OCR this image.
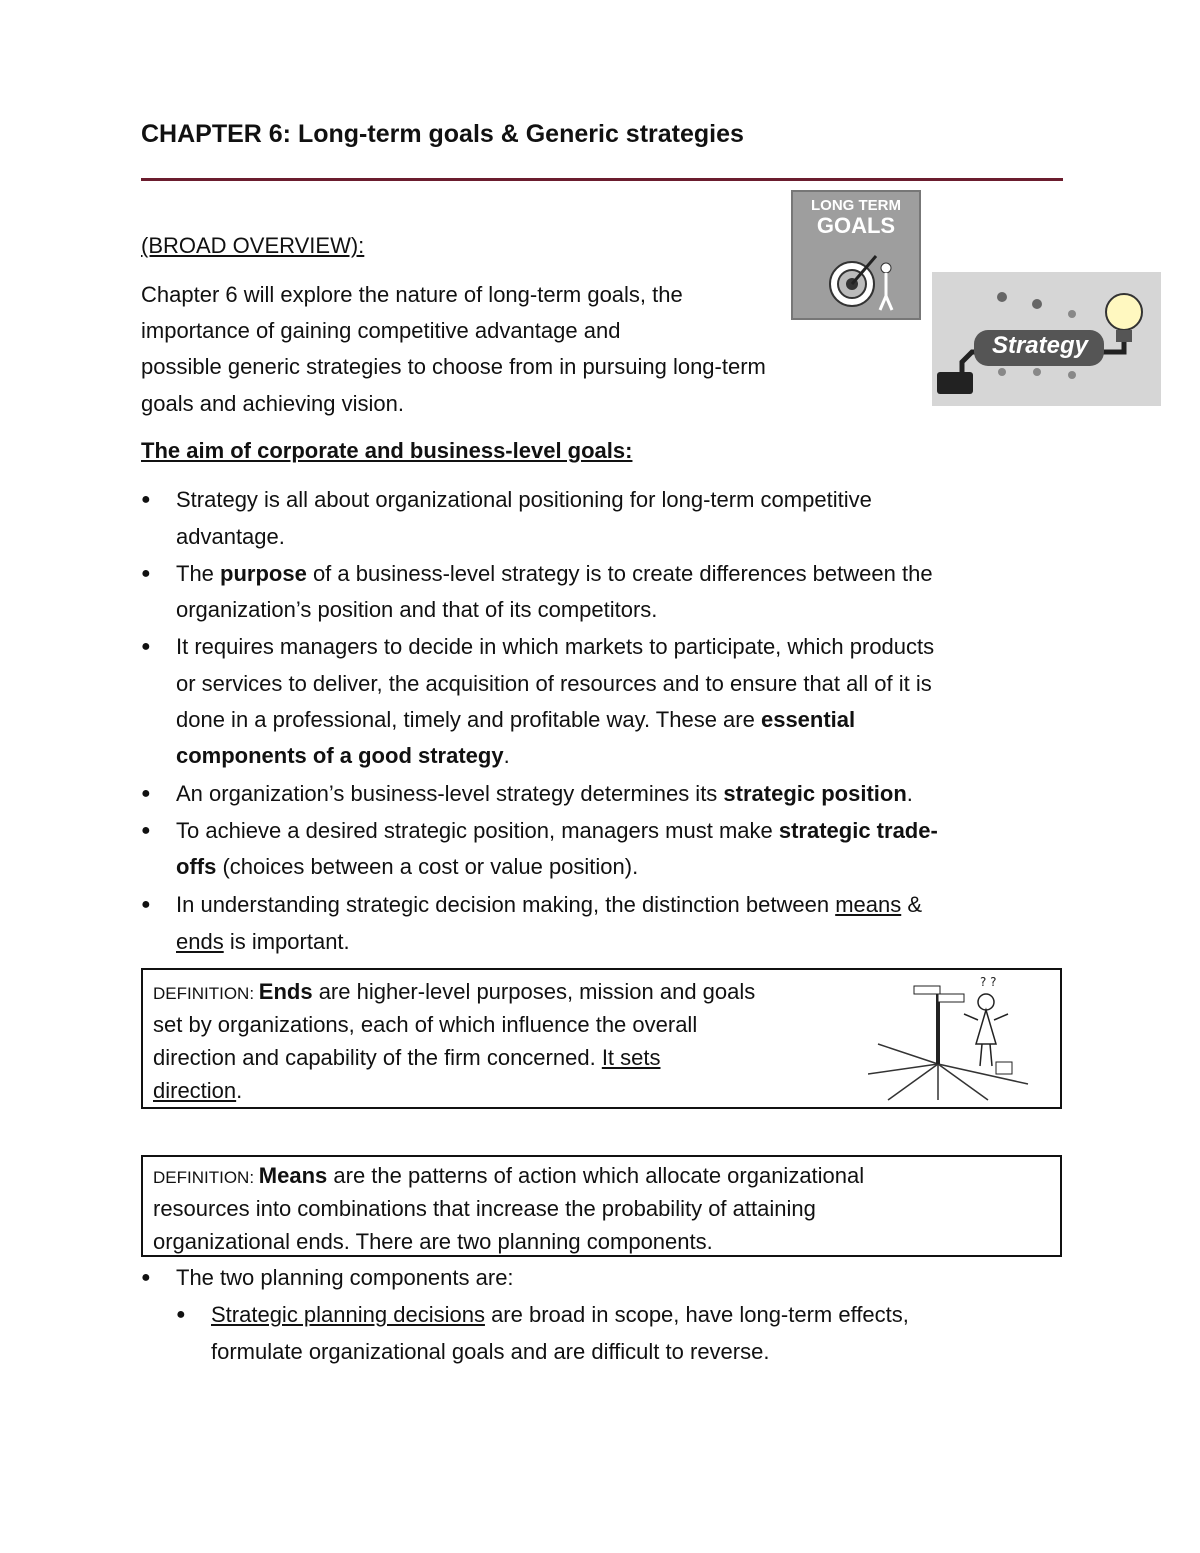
CHAPTER 6: Long-term goals & Generic strategies
(BROAD OVERVIEW):
Chapter 6 will explore the nature of long-term goals, the
importance of gaining competitive advantage and
possible generic strategies to choose from in pursuing long-term
goals and achieving vision.
LONG TERM
GOALS
Strategy
The aim of corporate and business-level goals:
● Strategy is all about organizational positioning for long-term competitive
advantage.
● The purpose of a business-level strategy is to create differences between the
organization’s position and that of its competitors.
● It requires managers to decide in which markets to participate, which products
or services to deliver, the acquisition of resources and to ensure that all of it is
done in a professional, timely and profitable way. These are essential
components of a good strategy.
● An organization’s business-level strategy determines its strategic position.
● To achieve a desired strategic position, managers must make strategic trade-
offs (choices between a cost or value position).
● In understanding strategic decision making, the distinction between means &
ends is important.
DEFINITION: Ends are higher-level purposes, mission and goals
set by organizations, each of which influence the overall
direction and capability of the firm concerned. It sets
direction.
? ?
DEFINITION: Means are the patterns of action which allocate organizational
resources into combinations that increase the probability of attaining
organizational ends. There are two planning components.
● The two planning components are:
● Strategic planning decisions are broad in scope, have long-term effects,
formulate organizational goals and are difficult to reverse.
